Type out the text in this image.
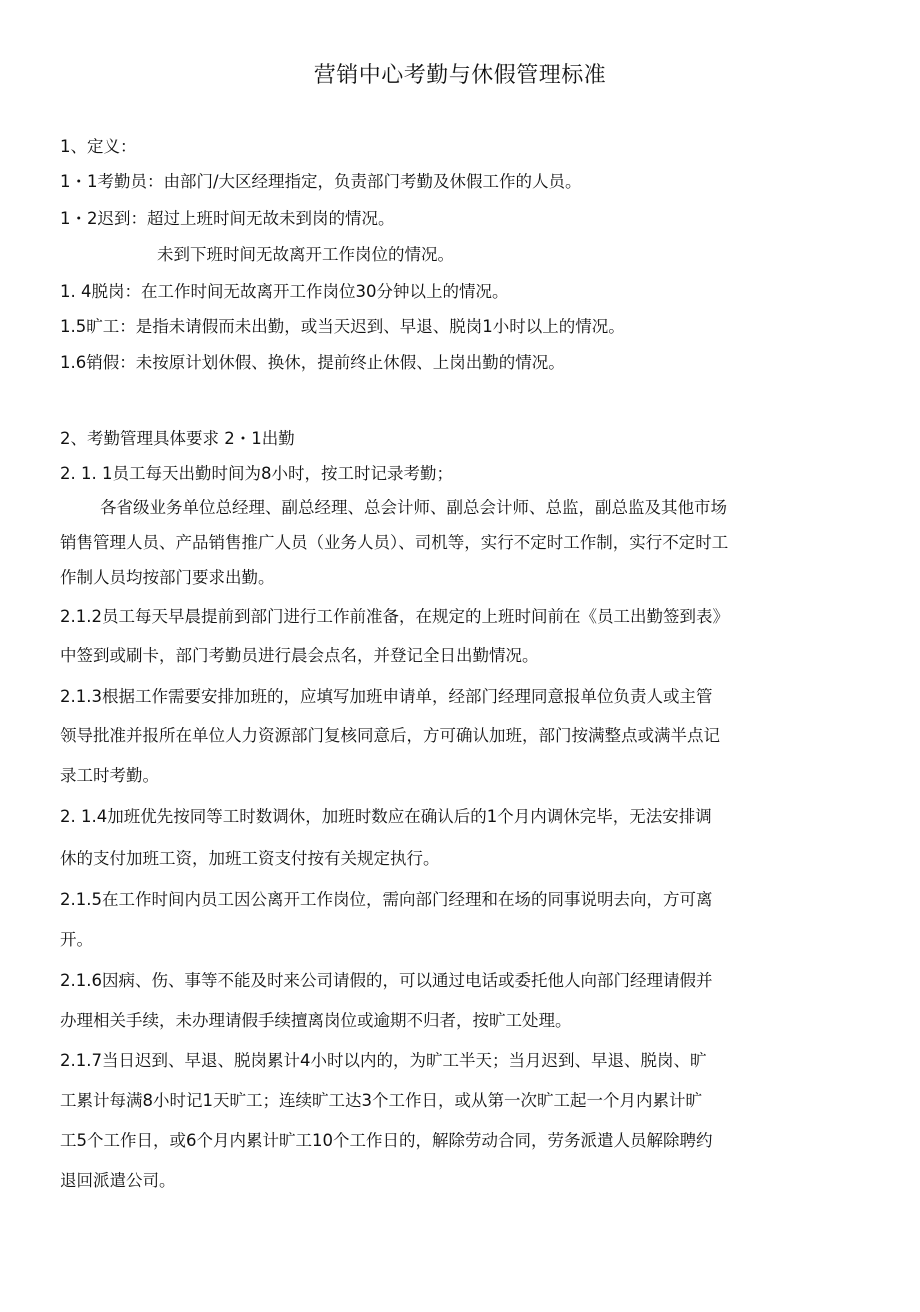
营销中心考勤与休假管理标准
1、定义：
1・1考勤员：由部门/大区经理指定，负责部门考勤及休假工作的人员。
1・2迟到：超过上班时间无故未到岗的情况。
未到下班时间无故离开工作岗位的情况。
1. 4脱岗：在工作时间无故离开工作岗位30分钟以上的情况。
1.5旷工：是指未请假而未出勤，或当天迟到、早退、脱岗1小时以上的情况。
1.6销假：未按原计划休假、换休，提前终止休假、上岗出勤的情况。
2、考勤管理具体要求 2・1出勤
2. 1. 1员工每天出勤时间为8小时，按工时记录考勤；
各省级业务单位总经理、副总经理、总会计师、副总会计师、总监，副总监及其他市场
销售管理人员、产品销售推广人员（业务人员）、司机等，实行不定时工作制，实行不定时工
作制人员均按部门要求出勤。
2.1.2员工每天早晨提前到部门进行工作前准备，在规定的上班时间前在《员工出勤签到表》
中签到或刷卡，部门考勤员进行晨会点名，并登记全日出勤情况。
2.1.3根据工作需要安排加班的，应填写加班申请单，经部门经理同意报单位负责人或主管
领导批准并报所在单位人力资源部门复核同意后，方可确认加班，部门按满整点或满半点记
录工时考勤。
2. 1.4加班优先按同等工时数调休，加班时数应在确认后的1个月内调休完毕，无法安排调
休的支付加班工资，加班工资支付按有关规定执行。
2.1.5在工作时间内员工因公离开工作岗位，需向部门经理和在场的同事说明去向，方可离
开。
2.1.6因病、伤、事等不能及时来公司请假的，可以通过电话或委托他人向部门经理请假并
办理相关手续，未办理请假手续擅离岗位或逾期不归者，按旷工处理。
2.1.7当日迟到、早退、脱岗累计4小时以内的，为旷工半天；当月迟到、早退、脱岗、旷
工累计每满8小时记1天旷工；连续旷工达3个工作日，或从第一次旷工起一个月内累计旷
工5个工作日，或6个月内累计旷工10个工作日的，解除劳动合同，劳务派遣人员解除聘约
退回派遣公司。
